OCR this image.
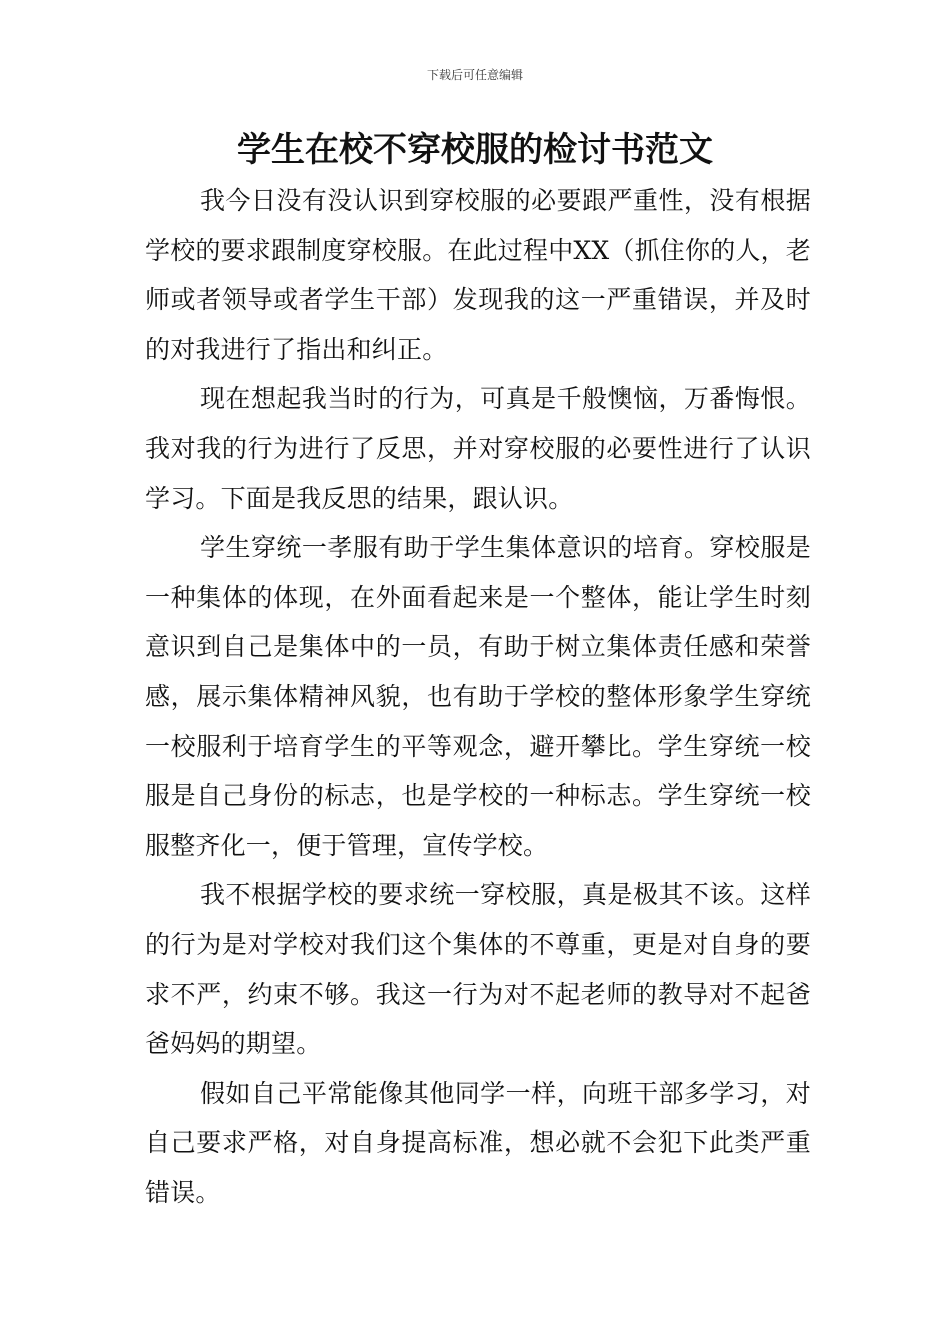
下载后可任意编辑
学生在校不穿校服的检讨书范文

我今日没有没认识到穿校服的必要跟严重性，没有根据学校的要求跟制度穿校服。在此过程中XX（抓住你的人，老师或者领导或者学生干部）发现我的这一严重错误，并及时的对我进行了指出和纠正。

现在想起我当时的行为，可真是千般懊恼，万番悔恨。我对我的行为进行了反思，并对穿校服的必要性进行了认识学习。下面是我反思的结果，跟认识。

学生穿统一孝服有助于学生集体意识的培育。穿校服是一种集体的体现，在外面看起来是一个整体，能让学生时刻意识到自己是集体中的一员，有助于树立集体责任感和荣誉感，展示集体精神风貌，也有助于学校的整体形象学生穿统一校服利于培育学生的平等观念，避开攀比。学生穿统一校服是自己身份的标志，也是学校的一种标志。学生穿统一校服整齐化一，便于管理，宣传学校。

我不根据学校的要求统一穿校服，真是极其不该。这样的行为是对学校对我们这个集体的不尊重，更是对自身的要求不严，约束不够。我这一行为对不起老师的教导对不起爸爸妈妈的期望。

假如自己平常能像其他同学一样，向班干部多学习，对自己要求严格，对自身提高标准，想必就不会犯下此类严重错误。
